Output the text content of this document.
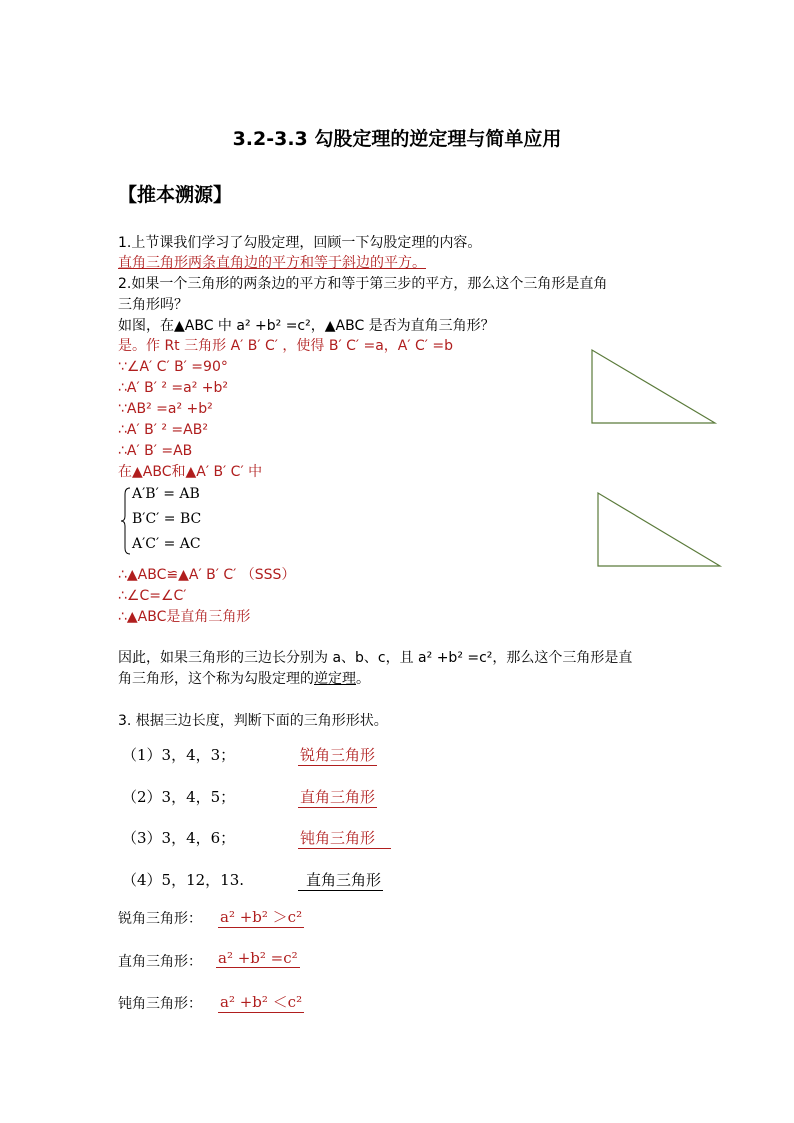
3.2-3.3 勾股定理的逆定理与简单应用
【推本溯源】
1.上节课我们学习了勾股定理，回顾一下勾股定理的内容。
直角三角形两条直角边的平方和等于斜边的平方。
2.如果一个三角形的两条边的平方和等于第三步的平方，那么这个三角形是直角
三角形吗？
如图，在▲ABC 中 a² +b² =c²，▲ABC 是否为直角三角形？
是。作 Rt 三角形 A′ B′ C′ ，使得 B′ C′ =a，A′ C′ =b
∵∠A′ C′ B′ =90°
∴A′ B′ ² =a² +b²
∵AB² =a² +b²
∴A′ B′ ² =AB²
∴A′ B′ =AB
在▲ABC和▲A′ B′ C′ 中
A′B′ = AB
B′C′ = BC
A′C′ = AC
∴▲ABC≌▲A′ B′ C′ （SSS）
∴∠C=∠C′
∴▲ABC是直角三角形
因此，如果三角形的三边长分别为 a、b、c，且 a² +b² =c²，那么这个三角形是直
角三角形，这个称为勾股定理的逆定理。
3. 根据三边长度，判断下面的三角形形状。
（1）3，4，3；	锐角三角形
（2）3，4，5；	直角三角形
（3）3，4，6；	钝角三角形
（4）5，12，13.	直角三角形
锐角三角形： a² +b² ＞c²
直角三角形： a² +b² =c²
钝角三角形： a² +b² ＜c²
